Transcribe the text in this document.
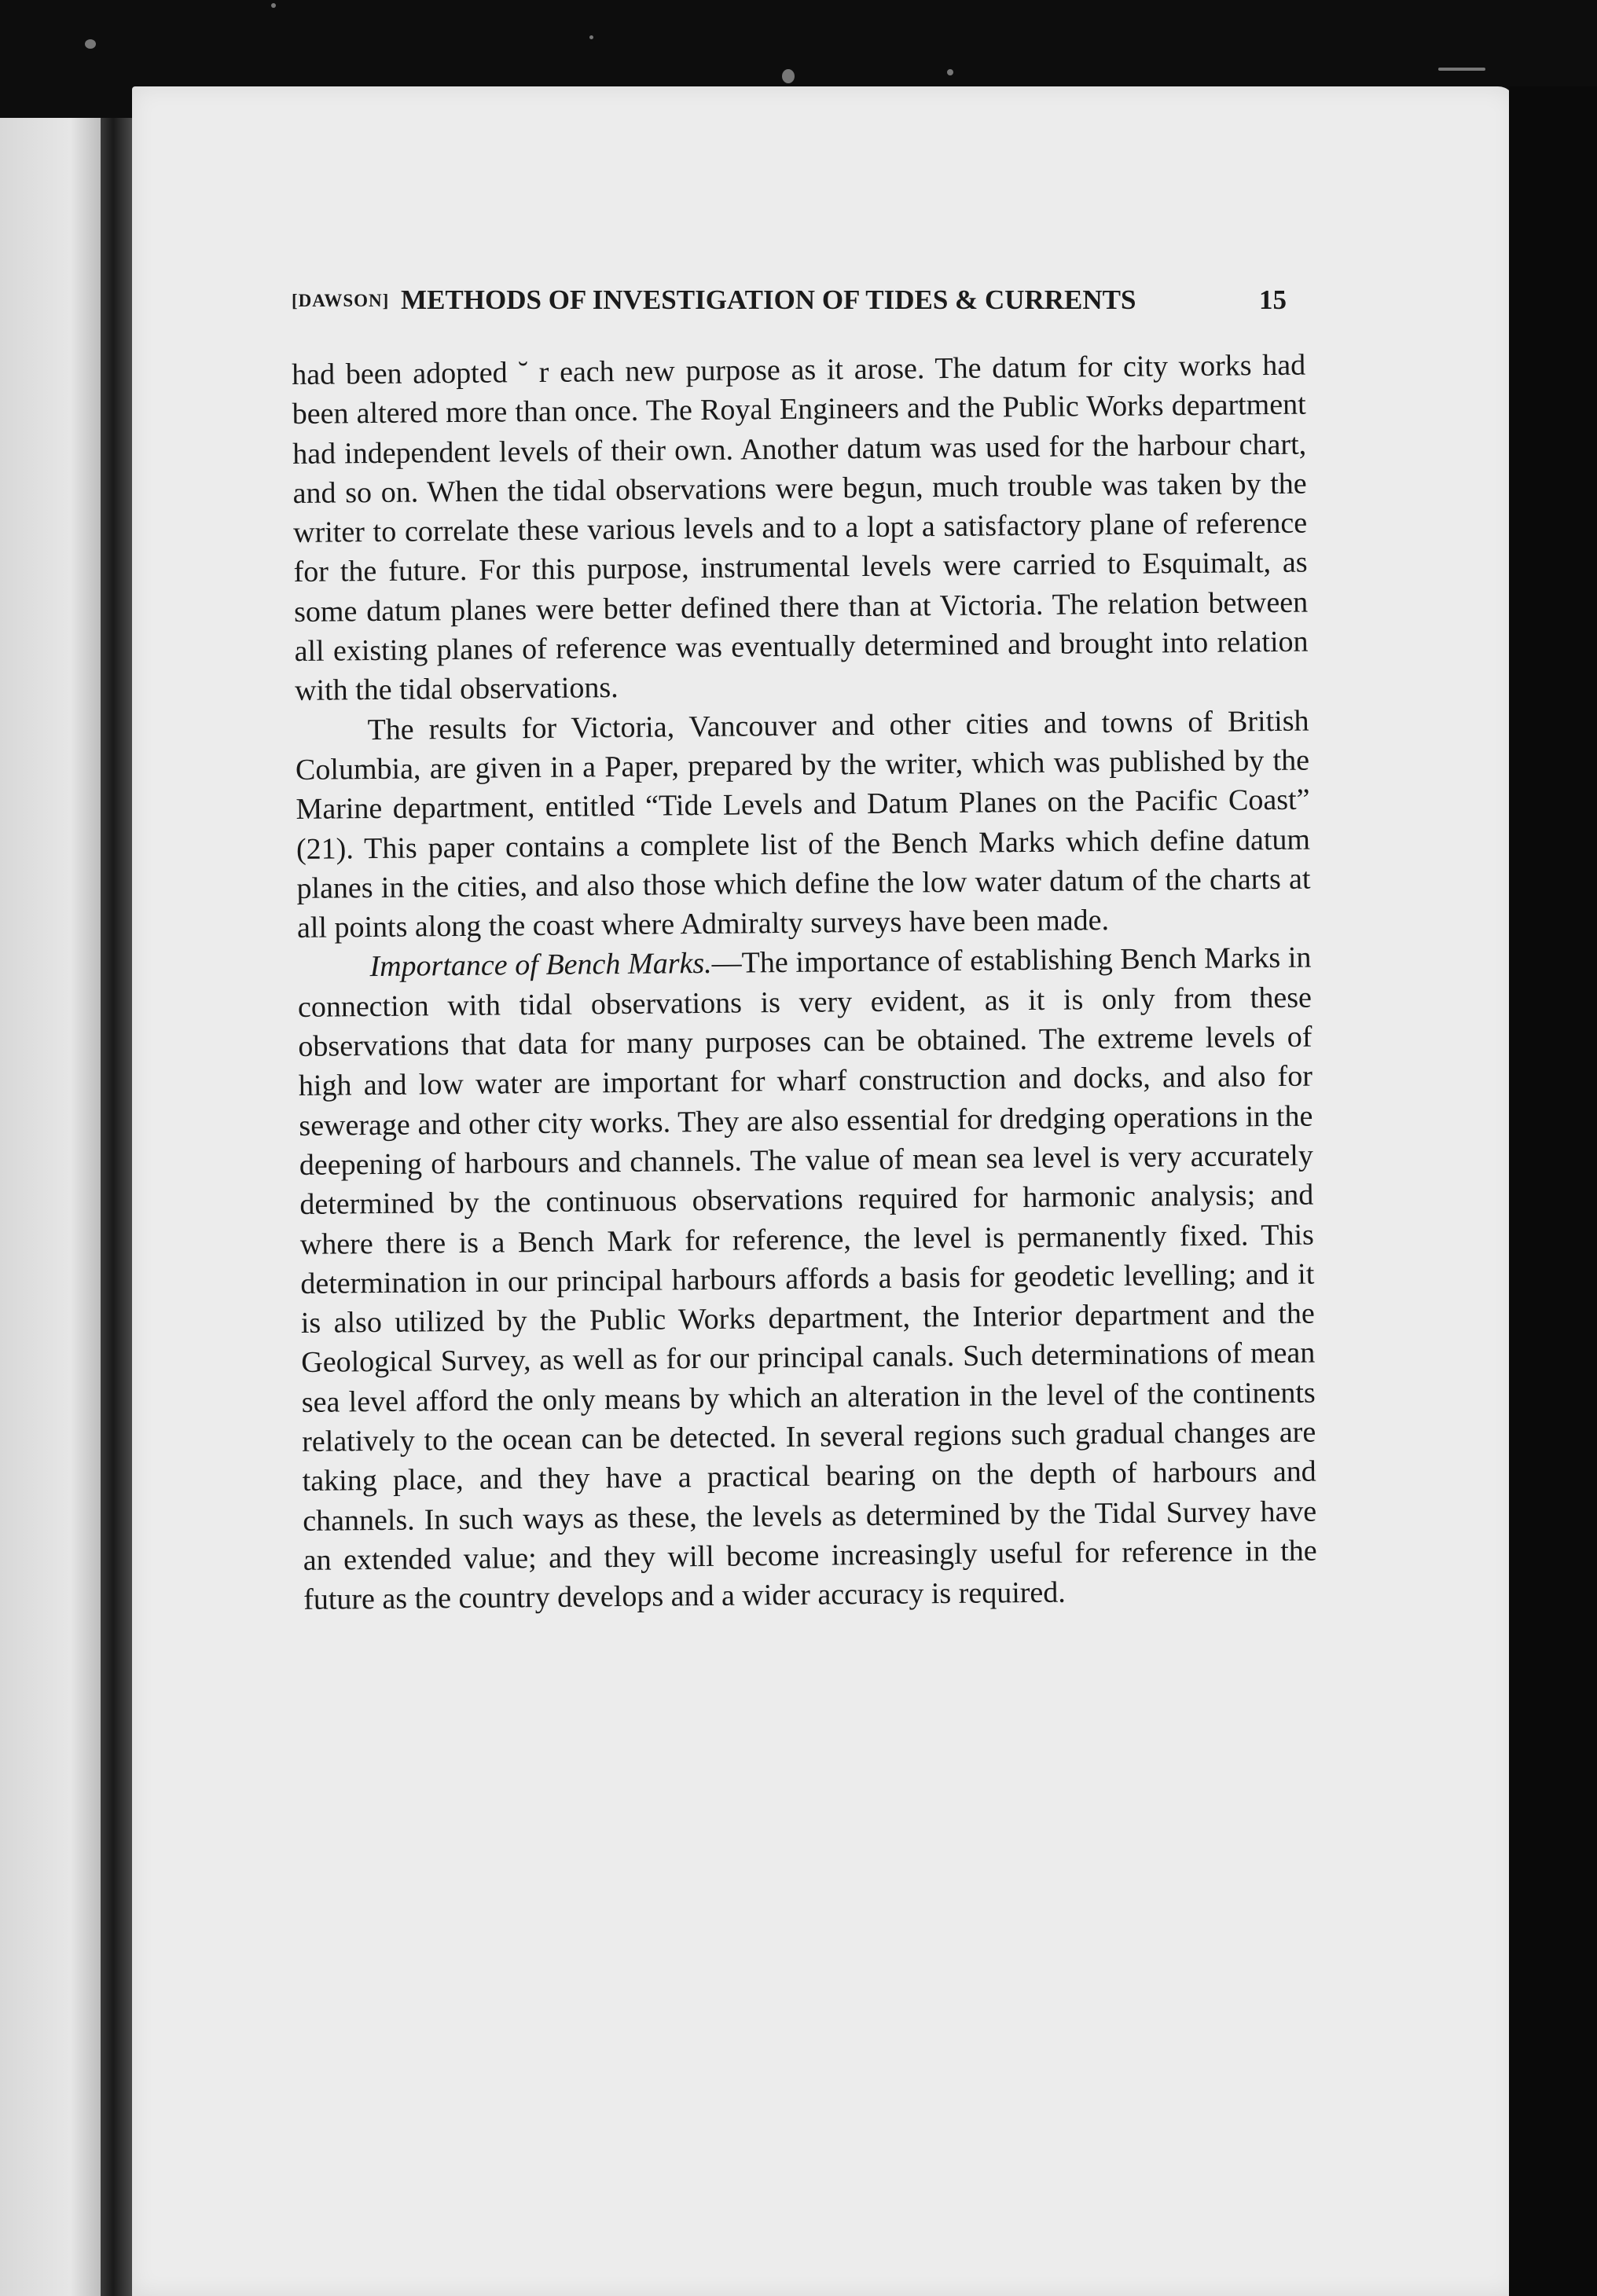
[DAWSON] METHODS OF INVESTIGATION OF TIDES & CURRENTS	15

had been adopted ˘ r each new purpose as it arose. The datum for city works had been altered more than once. The Royal Engineers and the Public Works department had independent levels of their own. Another datum was used for the harbour chart, and so on. When the tidal observations were begun, much trouble was taken by the writer to correlate these various levels and to a lopt a satisfactory plane of reference for the future. For this purpose, instrumental levels were carried to Esquimalt, as some datum planes were better defined there than at Victoria. The relation between all existing planes of reference was eventually determined and brought into relation with the tidal observations.

The results for Victoria, Vancouver and other cities and towns of British Columbia, are given in a Paper, prepared by the writer, which was published by the Marine department, entitled “Tide Levels and Datum Planes on the Pacific Coast” (21). This paper contains a complete list of the Bench Marks which define datum planes in the cities, and also those which define the low water datum of the charts at all points along the coast where Admiralty surveys have been made.

Importance of Bench Marks.—The importance of establishing Bench Marks in connection with tidal observations is very evident, as it is only from these observations that data for many purposes can be obtained. The extreme levels of high and low water are important for wharf construction and docks, and also for sewerage and other city works. They are also essential for dredging operations in the deepening of harbours and channels. The value of mean sea level is very accurately determined by the continuous observations required for harmonic analysis; and where there is a Bench Mark for reference, the level is permanently fixed. This determination in our principal harbours affords a basis for geodetic levelling; and it is also utilized by the Public Works department, the Interior department and the Geological Survey, as well as for our principal canals. Such determinations of mean sea level afford the only means by which an alteration in the level of the continents relatively to the ocean can be detected. In several regions such gradual changes are taking place, and they have a practical bearing on the depth of harbours and channels. In such ways as these, the levels as determined by the Tidal Survey have an extended value; and they will become increasingly useful for reference in the future as the country develops and a wider accuracy is required.
